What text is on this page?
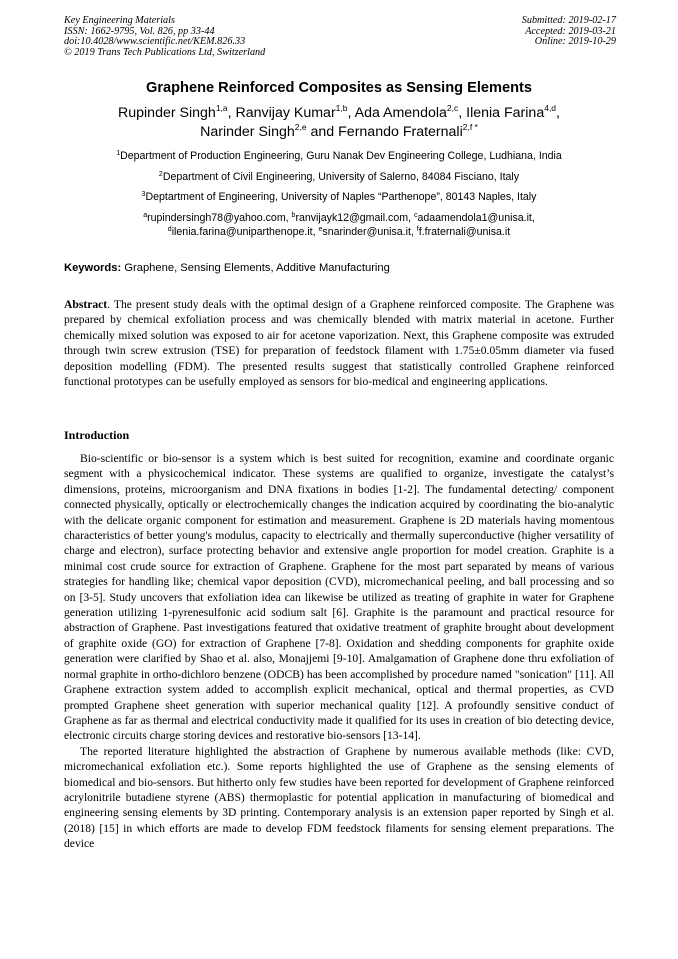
Key Engineering Materials
ISSN: 1662-9795, Vol. 826, pp 33-44
doi:10.4028/www.scientific.net/KEM.826.33
© 2019 Trans Tech Publications Ltd, Switzerland
Submitted: 2019-02-17
Accepted: 2019-03-21
Online: 2019-10-29
Graphene Reinforced Composites as Sensing Elements
Rupinder Singh$^{1,a}$, Ranvijay Kumar$^{1,b}$, Ada Amendola$^{2,c}$, Ilenia Farina$^{4,d}$,
Narinder Singh$^{2,e}$ and Fernando Fraternali$^{2,f *}$
$^1$Department of Production Engineering, Guru Nanak Dev Engineering College, Ludhiana, India
$^2$Department of Civil Engineering, University of Salerno, 84084 Fisciano, Italy
$^3$Deptartment of Engineering, University of Naples “Parthenope”, 80143 Naples, Italy
$^a$rupindersingh78@yahoo.com, $^b$ranvijayk12@gmail.com, $^c$adaamendola1@unisa.it,
$^d$ilenia.farina@uniparthenope.it, $^e$snarinder@unisa.it, $^f$f.fraternali@unisa.it
Keywords: Graphene, Sensing Elements, Additive Manufacturing
Abstract. The present study deals with the optimal design of a Graphene reinforced composite. The Graphene was prepared by chemical exfoliation process and was chemically blended with matrix material in acetone. Further chemically mixed solution was exposed to air for acetone vaporization. Next, this Graphene composite was extruded through twin screw extrusion (TSE) for preparation of feedstock filament with 1.75±0.05mm diameter via fused deposition modelling (FDM). The presented results suggest that statistically controlled Graphene reinforced functional prototypes can be usefully employed as sensors for bio-medical and engineering applications.
Introduction

Bio-scientific or bio-sensor is a system which is best suited for recognition, examine and coordinate organic segment with a physicochemical indicator. These systems are qualified to organize, investigate the catalyst’s dimensions, proteins, microorganism and DNA fixations in bodies [1-2]. The fundamental detecting/ component connected physically, optically or electrochemically changes the indication acquired by coordinating the bio-analytic with the delicate organic component for estimation and measurement. Graphene is 2D materials having momentous characteristics of better young's modulus, capacity to electrically and thermally superconductive (higher versatility of charge and electron), surface protecting behavior and extensive angle proportion for model creation. Graphite is a minimal cost crude source for extraction of Graphene. Graphene for the most part separated by means of various strategies for handling like; chemical vapor deposition (CVD), micromechanical peeling, and ball processing and so on [3-5]. Study uncovers that exfoliation idea can likewise be utilized as treating of graphite in water for Graphene generation utilizing 1-pyrenesulfonic acid sodium salt [6]. Graphite is the paramount and practical resource for abstraction of Graphene. Past investigations featured that oxidative treatment of graphite brought about development of graphite oxide (GO) for extraction of Graphene [7-8]. Oxidation and shedding components for graphite oxide generation were clarified by Shao et al. also, Monajjemi [9-10]. Amalgamation of Graphene done thru exfoliation of normal graphite in ortho-dichloro benzene (ODCB) has been accomplished by procedure named "sonication" [11]. All Graphene extraction system added to accomplish explicit mechanical, optical and thermal properties, as CVD prompted Graphene sheet generation with superior mechanical quality [12]. A profoundly sensitive conduct of Graphene as far as thermal and electrical conductivity made it qualified for its uses in creation of bio detecting device, electronic circuits charge storing devices and restorative bio-sensors [13-14].

The reported literature highlighted the abstraction of Graphene by numerous available methods (like: CVD, micromechanical exfoliation etc.). Some reports highlighted the use of Graphene as the sensing elements of biomedical and bio-sensors. But hitherto only few studies have been reported for development of Graphene reinforced acrylonitrile butadiene styrene (ABS) thermoplastic for potential application in manufacturing of biomedical and engineering sensing elements by 3D printing. Contemporary analysis is an extension paper reported by Singh et al. (2018) [15] in which efforts are made to develop FDM feedstock filaments for sensing element preparations. The device
